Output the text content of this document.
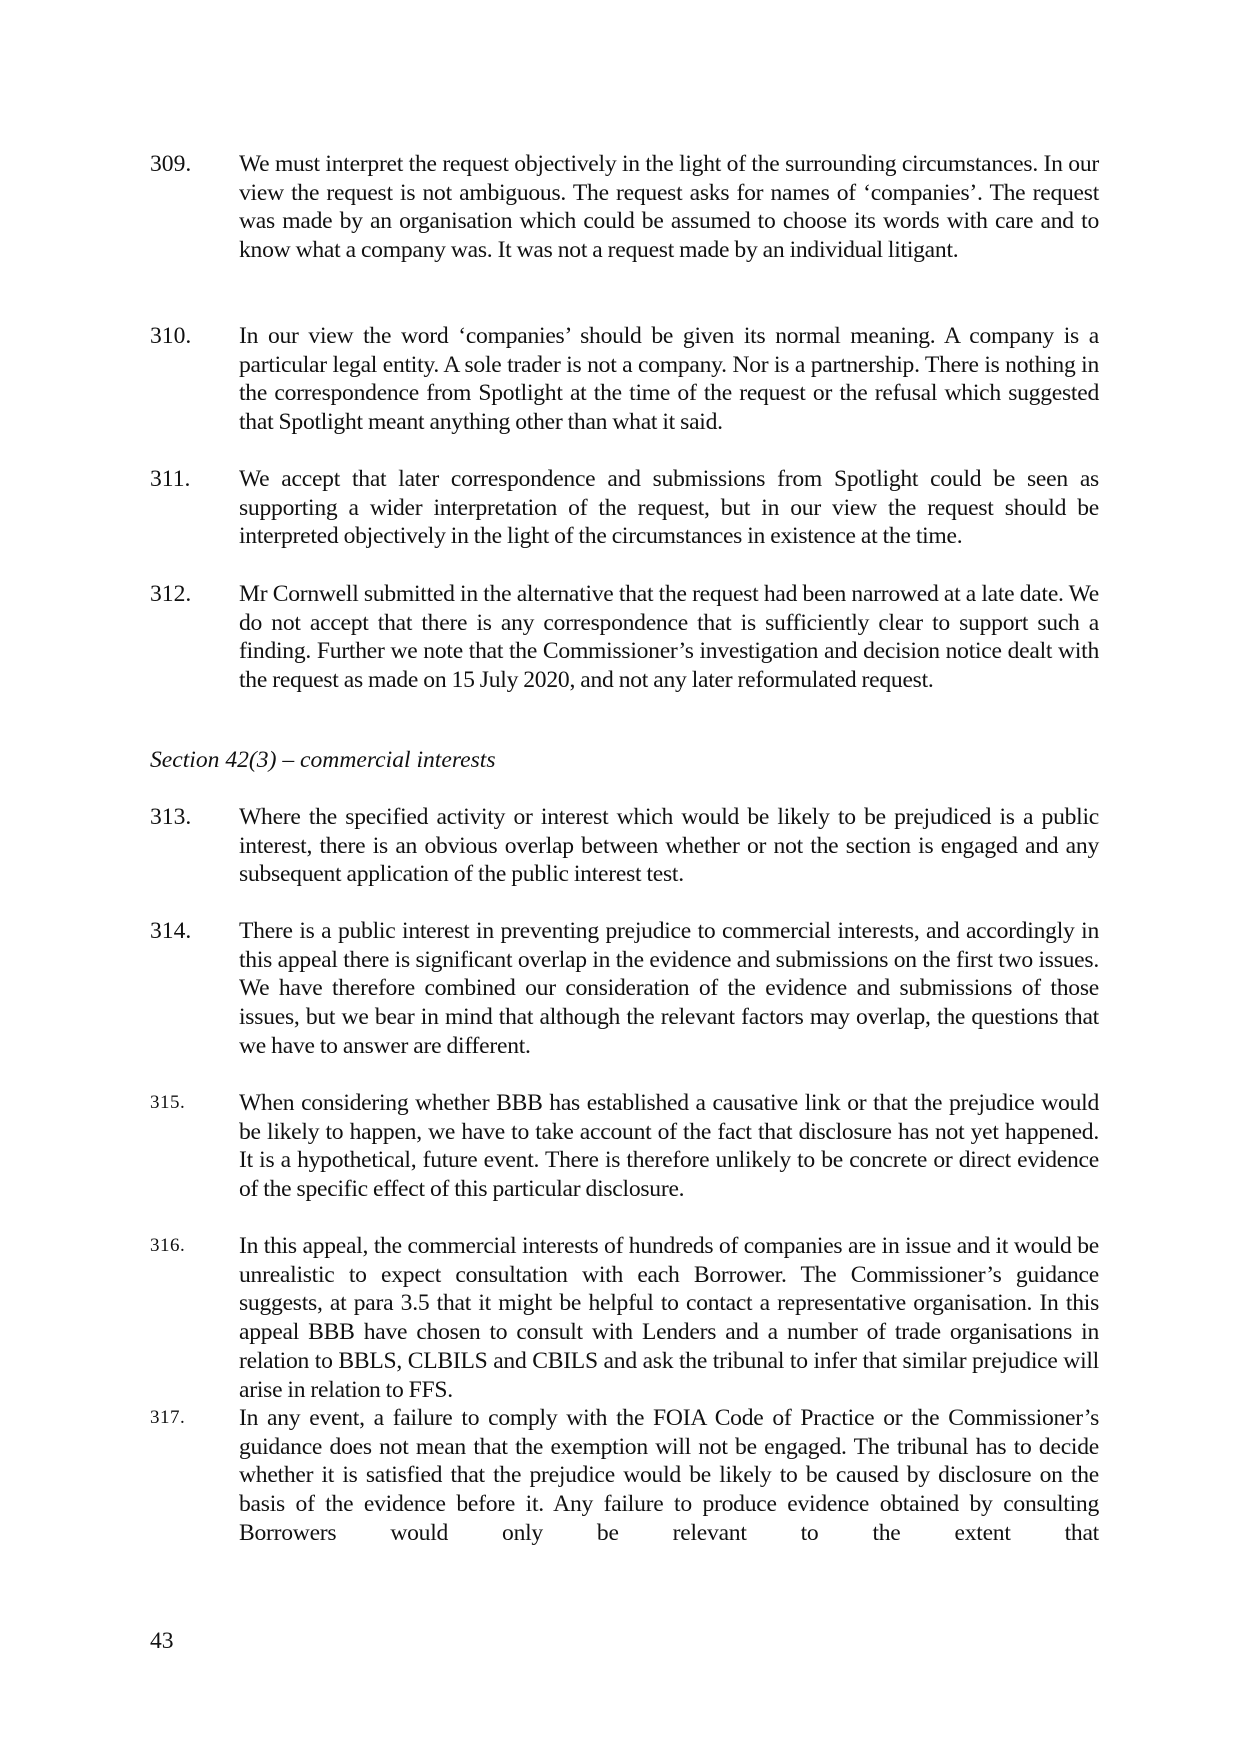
309.	We must interpret the request objectively in the light of the surrounding circumstances. In our view the request is not ambiguous. The request asks for names of ‘companies’. The request was made by an organisation which could be assumed to choose its words with care and to know what a company was. It was not a request made by an individual litigant.
310.	In our view the word ‘companies’ should be given its normal meaning. A company is a particular legal entity. A sole trader is not a company. Nor is a partnership. There is nothing in the correspondence from Spotlight at the time of the request or the refusal which suggested that Spotlight meant anything other than what it said.
311.	We accept that later correspondence and submissions from Spotlight could be seen as supporting a wider interpretation of the request, but in our view the request should be interpreted objectively in the light of the circumstances in existence at the time.
312.	Mr Cornwell submitted in the alternative that the request had been narrowed at a late date. We do not accept that there is any correspondence that is sufficiently clear to support such a finding. Further we note that the Commissioner’s investigation and decision notice dealt with the request as made on 15 July 2020, and not any later reformulated request.
Section 42(3) – commercial interests
313.	Where the specified activity or interest which would be likely to be prejudiced is a public interest, there is an obvious overlap between whether or not the section is engaged and any subsequent application of the public interest test.
314.	There is a public interest in preventing prejudice to commercial interests, and accordingly in this appeal there is significant overlap in the evidence and submissions on the first two issues. We have therefore combined our consideration of the evidence and submissions of those issues, but we bear in mind that although the relevant factors may overlap, the questions that we have to answer are different.
315.	When considering whether BBB has established a causative link or that the prejudice would be likely to happen, we have to take account of the fact that disclosure has not yet happened. It is a hypothetical, future event. There is therefore unlikely to be concrete or direct evidence of the specific effect of this particular disclosure.
316.	In this appeal, the commercial interests of hundreds of companies are in issue and it would be unrealistic to expect consultation with each Borrower. The Commissioner’s guidance suggests, at para 3.5 that it might be helpful to contact a representative organisation. In this appeal BBB have chosen to consult with Lenders and a number of trade organisations in relation to BBLS, CLBILS and CBILS and ask the tribunal to infer that similar prejudice will arise in relation to FFS.
317.	In any event, a failure to comply with the FOIA Code of Practice or the Commissioner’s guidance does not mean that the exemption will not be engaged. The tribunal has to decide whether it is satisfied that the prejudice would be likely to be caused by disclosure on the basis of the evidence before it. Any failure to produce evidence obtained by consulting Borrowers would only be relevant to the extent that
43
